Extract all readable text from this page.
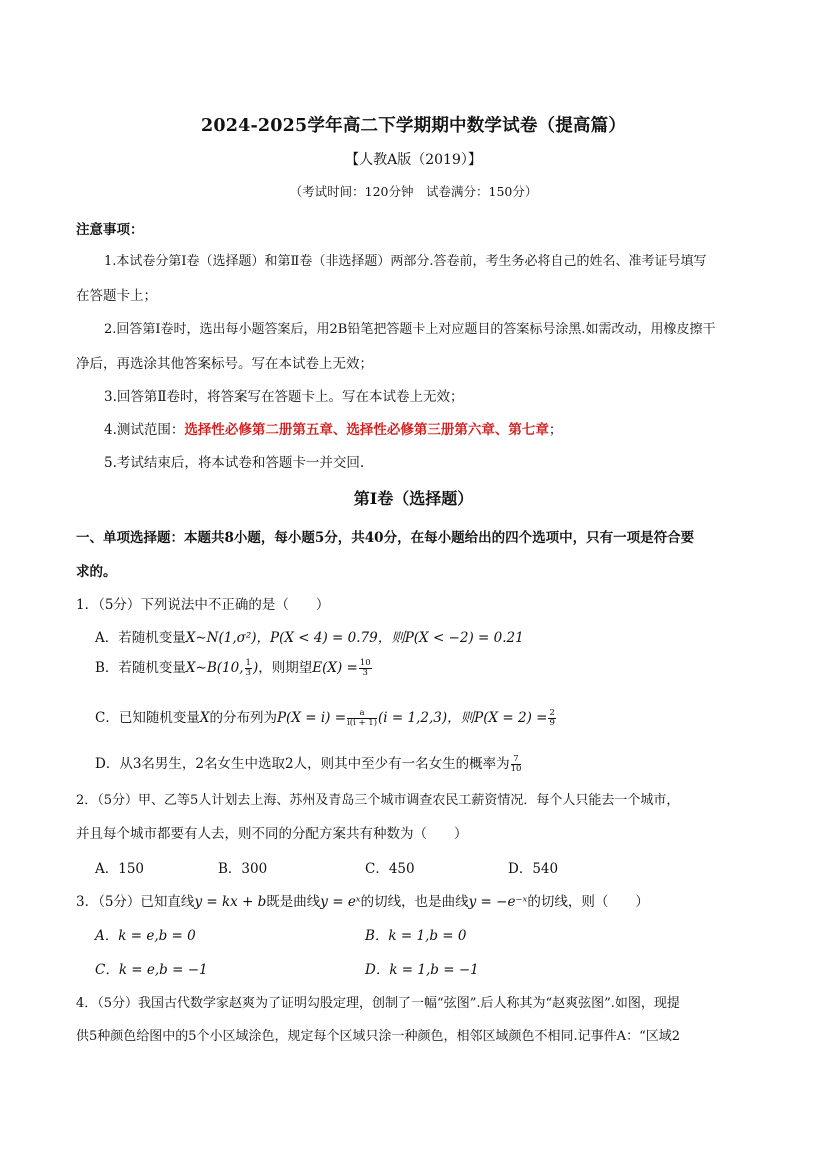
2024-2025学年高二下学期期中数学试卷（提高篇）
【人教A版（2019）】
（考试时间：120分钟　试卷满分：150分）
注意事项：
1.本试卷分第Ⅰ卷（选择题）和第Ⅱ卷（非选择题）两部分.答卷前，考生务必将自己的姓名、准考证号填写
在答题卡上；
2.回答第Ⅰ卷时，选出每小题答案后，用2B铅笔把答题卡上对应题目的答案标号涂黑.如需改动，用橡皮擦干
净后，再选涂其他答案标号。写在本试卷上无效；
3.回答第Ⅱ卷时，将答案写在答题卡上。写在本试卷上无效；
4.测试范围：选择性必修第二册第五章、选择性必修第三册第六章、第七章；
5.考试结束后，将本试卷和答题卡一并交回.
第Ⅰ卷（选择题）
一、单项选择题：本题共8小题，每小题5分，共40分，在每小题给出的四个选项中，只有一项是符合要
求的。
1．（5分）下列说法中不正确的是（　　）
A．若随机变量X∼N(1,σ²)，P(X < 4) = 0.79，则P(X < −2) = 0.21
B．若随机变量X∼B(10, $\frac{1}{3}$ )，则期望$E(X) = \frac{10}{3}$
C．已知随机变量X的分布列为$P(X = i) = \frac{a}{i(i + 1)} (i = 1,2,3)$，则$P(X = 2) = \frac{2}{9}$
D．从3名男生，2名女生中选取2人，则其中至少有一名女生的概率为 $\frac{7}{10}$
2．（5分）甲、乙等5人计划去上海、苏州及青岛三个城市调查农民工薪资情况．每个人只能去一个城市，
并且每个城市都要有人去，则不同的分配方案共有种数为（　　）
A．150	B．300	C．450	D．540
3．（5分）已知直线y = kx + b既是曲线y = eˣ的切线，也是曲线y = −e⁻ˣ的切线，则（　　）
A．k = e,b = 0	B．k = 1,b = 0
C．k = e,b = −1	D．k = 1,b = −1
4．（5分）我国古代数学家赵爽为了证明勾股定理，创制了一幅“弦图”.后人称其为“赵爽弦图”.如图，现提
供5种颜色给图中的5个小区域涂色，规定每个区域只涂一种颜色，相邻区域颜色不相同.记事件A：“区域2
